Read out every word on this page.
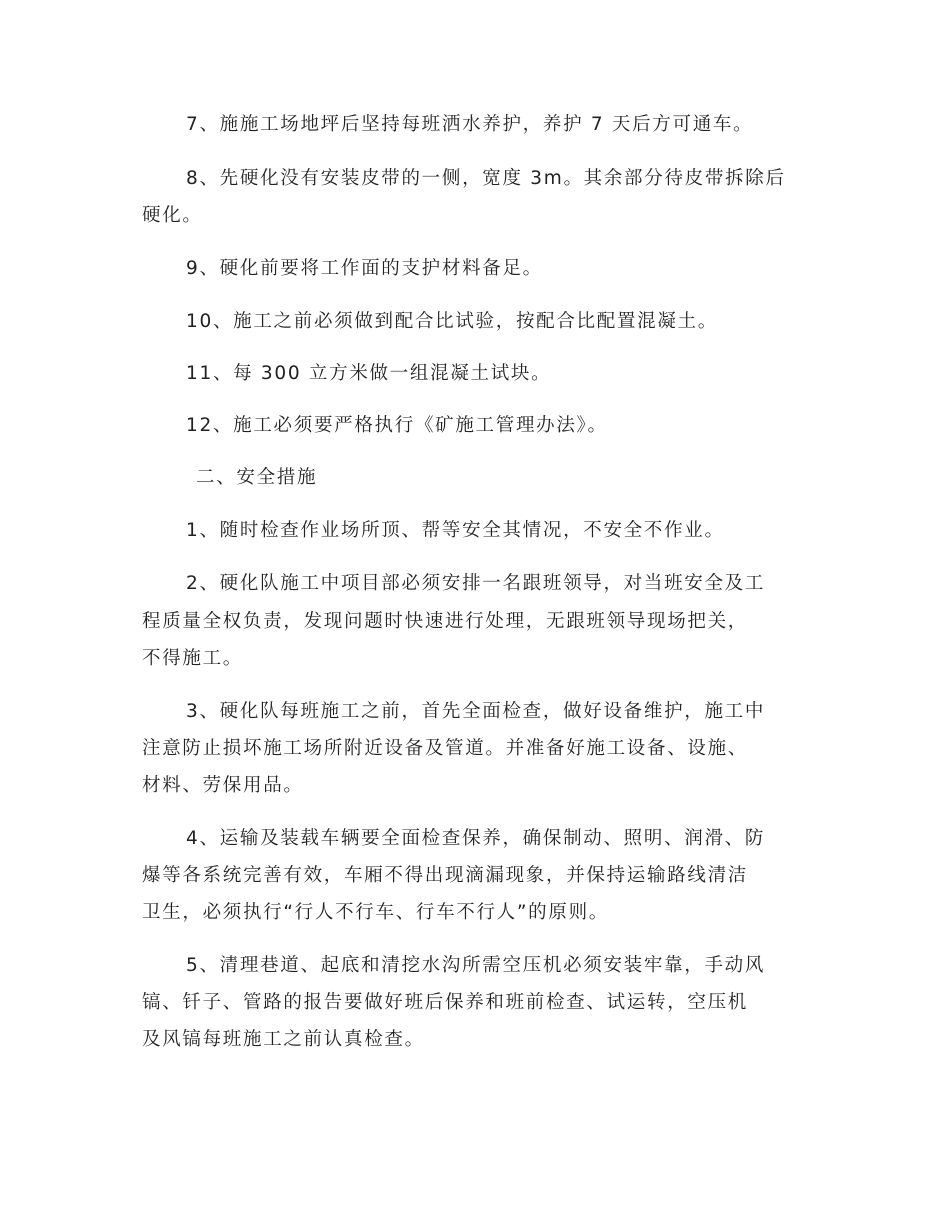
7、施施工场地坪后坚持每班洒水养护，养护 7 天后方可通车。
8、先硬化没有安装皮带的一侧，宽度 3m。其余部分待皮带拆除后
硬化。
9、硬化前要将工作面的支护材料备足。
10、施工之前必须做到配合比试验，按配合比配置混凝土。
11、每 300 立方米做一组混凝土试块。
12、施工必须要严格执行《矿施工管理办法》。
二、安全措施
1、随时检查作业场所顶、帮等安全其情况，不安全不作业。
2、硬化队施工中项目部必须安排一名跟班领导，对当班安全及工
程质量全权负责，发现问题时快速进行处理，无跟班领导现场把关，
不得施工。
3、硬化队每班施工之前，首先全面检查，做好设备维护，施工中
注意防止损坏施工场所附近设备及管道。并准备好施工设备、设施、
材料、劳保用品。
4、运输及装载车辆要全面检查保养，确保制动、照明、润滑、防
爆等各系统完善有效，车厢不得出现滴漏现象，并保持运输路线清洁
卫生，必须执行“行人不行车、行车不行人”的原则。
5、清理巷道、起底和清挖水沟所需空压机必须安装牢靠，手动风
镐、钎子、管路的报告要做好班后保养和班前检查、试运转，空压机
及风镐每班施工之前认真检查。
